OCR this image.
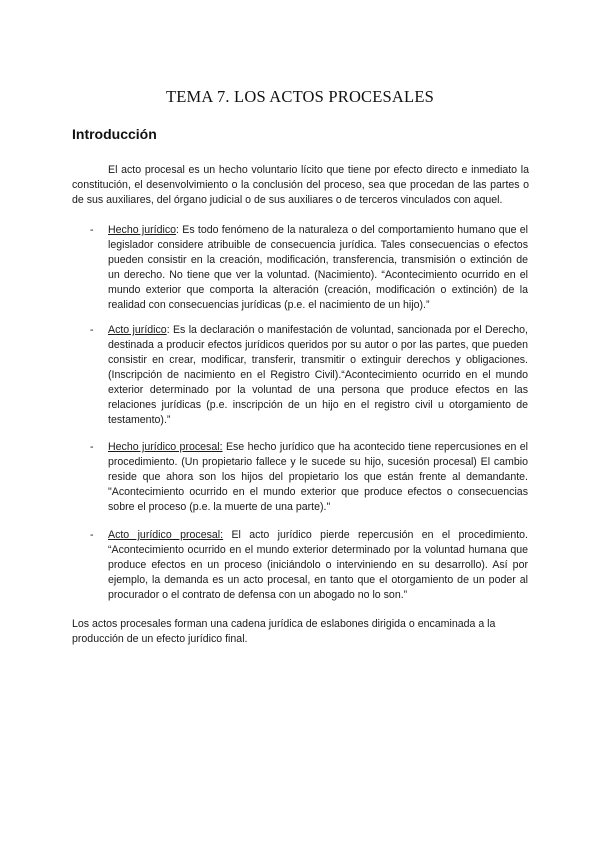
TEMA 7. LOS ACTOS PROCESALES
Introducción

El acto procesal es un hecho voluntario lícito que tiene por efecto directo e inmediato la constitución, el desenvolvimiento o la conclusión del proceso, sea que procedan de las partes o de sus auxiliares, del órgano judicial o de sus auxiliares o de terceros vinculados con aquel.

- Hecho jurídico: Es todo fenómeno de la naturaleza o del comportamiento humano que el legislador considere atribuible de consecuencia jurídica. Tales consecuencias o efectos pueden consistir en la creación, modificación, transferencia, transmisión o extinción de un derecho. No tiene que ver la voluntad. (Nacimiento). “Acontecimiento ocurrido en el mundo exterior que comporta la alteración (creación, modificación o extinción) de la realidad con consecuencias jurídicas (p.e. el nacimiento de un hijo).”

- Acto jurídico: Es la declaración o manifestación de voluntad, sancionada por el Derecho, destinada a producir efectos jurídicos queridos por su autor o por las partes, que pueden consistir en crear, modificar, transferir, transmitir o extinguir derechos y obligaciones. (Inscripción de nacimiento en el Registro Civil).“Acontecimiento ocurrido en el mundo exterior determinado por la voluntad de una persona que produce efectos en las relaciones jurídicas (p.e. inscripción de un hijo en el registro civil u otorgamiento de testamento).”

- Hecho jurídico procesal: Ese hecho jurídico que ha acontecido tiene repercusiones en el procedimiento. (Un propietario fallece y le sucede su hijo, sucesión procesal) El cambio reside que ahora son los hijos del propietario los que están frente al demandante. "Acontecimiento ocurrido en el mundo exterior que produce efectos o consecuencias sobre el proceso (p.e. la muerte de una parte)."

- Acto jurídico procesal: El acto jurídico pierde repercusión en el procedimiento. “Acontecimiento ocurrido en el mundo exterior determinado por la voluntad humana que produce efectos en un proceso (iniciándolo o interviniendo en su desarrollo). Así por ejemplo, la demanda es un acto procesal, en tanto que el otorgamiento de un poder al procurador o el contrato de defensa con un abogado no lo son.”

Los actos procesales forman una cadena jurídica de eslabones dirigida o encaminada a la producción de un efecto jurídico final.
